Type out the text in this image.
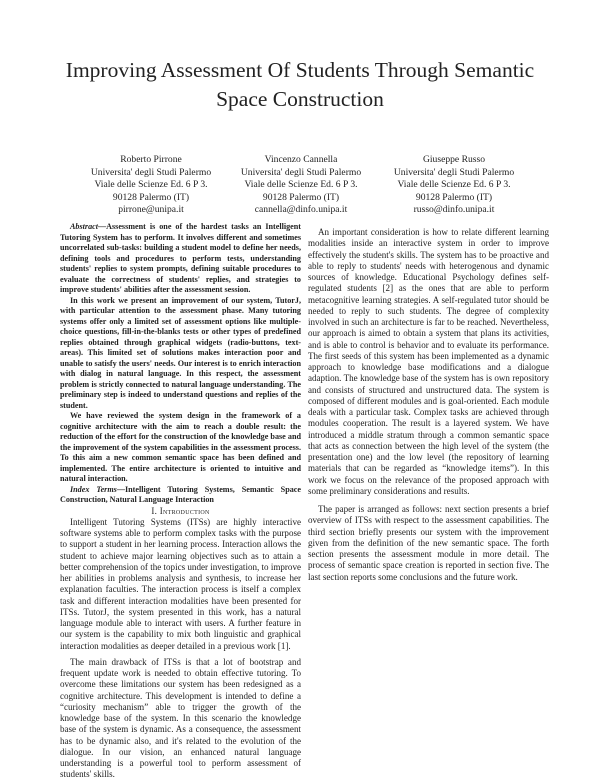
Improving Assessment Of Students Through Semantic Space Construction
Roberto Pirrone
Universita' degli Studi Palermo
Viale delle Scienze Ed. 6 P 3.
90128 Palermo (IT)
pirrone@unipa.it
Vincenzo Cannella
Universita' degli Studi Palermo
Viale delle Scienze Ed. 6 P 3.
90128 Palermo (IT)
cannella@dinfo.unipa.it
Giuseppe Russo
Universita' degli Studi Palermo
Viale delle Scienze Ed. 6 P 3.
90128 Palermo (IT)
russo@dinfo.unipa.it

Abstract—Assessment is one of the hardest tasks an Intelligent Tutoring System has to perform. It involves different and sometimes uncorrelated sub-tasks: building a student model to define her needs, defining tools and procedures to perform tests, understanding students' replies to system prompts, defining suitable procedures to evaluate the correctness of students' replies, and strategies to improve students' abilities after the assessment session.

In this work we present an improvement of our system, TutorJ, with particular attention to the assessment phase. Many tutoring systems offer only a limited set of assessment options like multiple-choice questions, fill-in-the-blanks tests or other types of predefined replies obtained through graphical widgets (radio-buttons, text-areas). This limited set of solutions makes interaction poor and unable to satisfy the users' needs. Our interest is to enrich interaction with dialog in natural language. In this respect, the assessment problem is strictly connected to natural language understanding. The preliminary step is indeed to understand questions and replies of the student.

We have reviewed the system design in the framework of a cognitive architecture with the aim to reach a double result: the reduction of the effort for the construction of the knowledge base and the improvement of the system capabilities in the assessment process. To this aim a new common semantic space has been defined and implemented. The entire architecture is oriented to intuitive and natural interaction.

Index Terms—Intelligent Tutoring Systems, Semantic Space Construction, Natural Language Interaction

I. Introduction

Intelligent Tutoring Systems (ITSs) are highly interactive software systems able to perform complex tasks with the purpose to support a student in her learning process. Interaction allows the student to achieve major learning objectives such as to attain a better comprehension of the topics under investigation, to improve her abilities in problems analysis and synthesis, to increase her explanation faculties. The interaction process is itself a complex task and different interaction modalities have been presented for ITSs. TutorJ, the system presented in this work, has a natural language module able to interact with users. A further feature in our system is the capability to mix both linguistic and graphical interaction modalities as deeper detailed in a previous work [1].

The main drawback of ITSs is that a lot of bootstrap and frequent update work is needed to obtain effective tutoring. To overcome these limitations our system has been redesigned as a cognitive architecture. This development is intended to define a “curiosity mechanism” able to trigger the growth of the knowledge base of the system. In this scenario the knowledge base of the system is dynamic. As a consequence, the assessment has to be dynamic also, and it's related to the evolution of the dialogue. In our vision, an enhanced natural language understanding is a powerful tool to perform assessment of students' skills.

An important consideration is how to relate different learning modalities inside an interactive system in order to improve effectively the student's skills. The system has to be proactive and able to reply to students' needs with heterogenous and dynamic sources of knowledge. Educational Psychology defines self-regulated students [2] as the ones that are able to perform metacognitive learning strategies. A self-regulated tutor should be needed to reply to such students. The degree of complexity involved in such an architecture is far to be reached. Nevertheless, our approach is aimed to obtain a system that plans its activities, and is able to control is behavior and to evaluate its performance. The first seeds of this system has been implemented as a dynamic approach to knowledge base modifications and a dialogue adaption. The knowledge base of the system has is own repository and consists of structured and unstructured data. The system is composed of different modules and is goal-oriented. Each module deals with a particular task. Complex tasks are achieved through modules cooperation. The result is a layered system. We have introduced a middle stratum through a common semantic space that acts as connection between the high level of the system (the presentation one) and the low level (the repository of learning materials that can be regarded as “knowledge items”). In this work we focus on the relevance of the proposed approach with some preliminary considerations and results.

The paper is arranged as follows: next section presents a brief overview of ITSs with respect to the assessment capabilities. The third section briefly presents our system with the improvement given from the definition of the new semantic space. The forth section presents the assessment module in more detail. The process of semantic space creation is reported in section five. The last section reports some conclusions and the future work.
